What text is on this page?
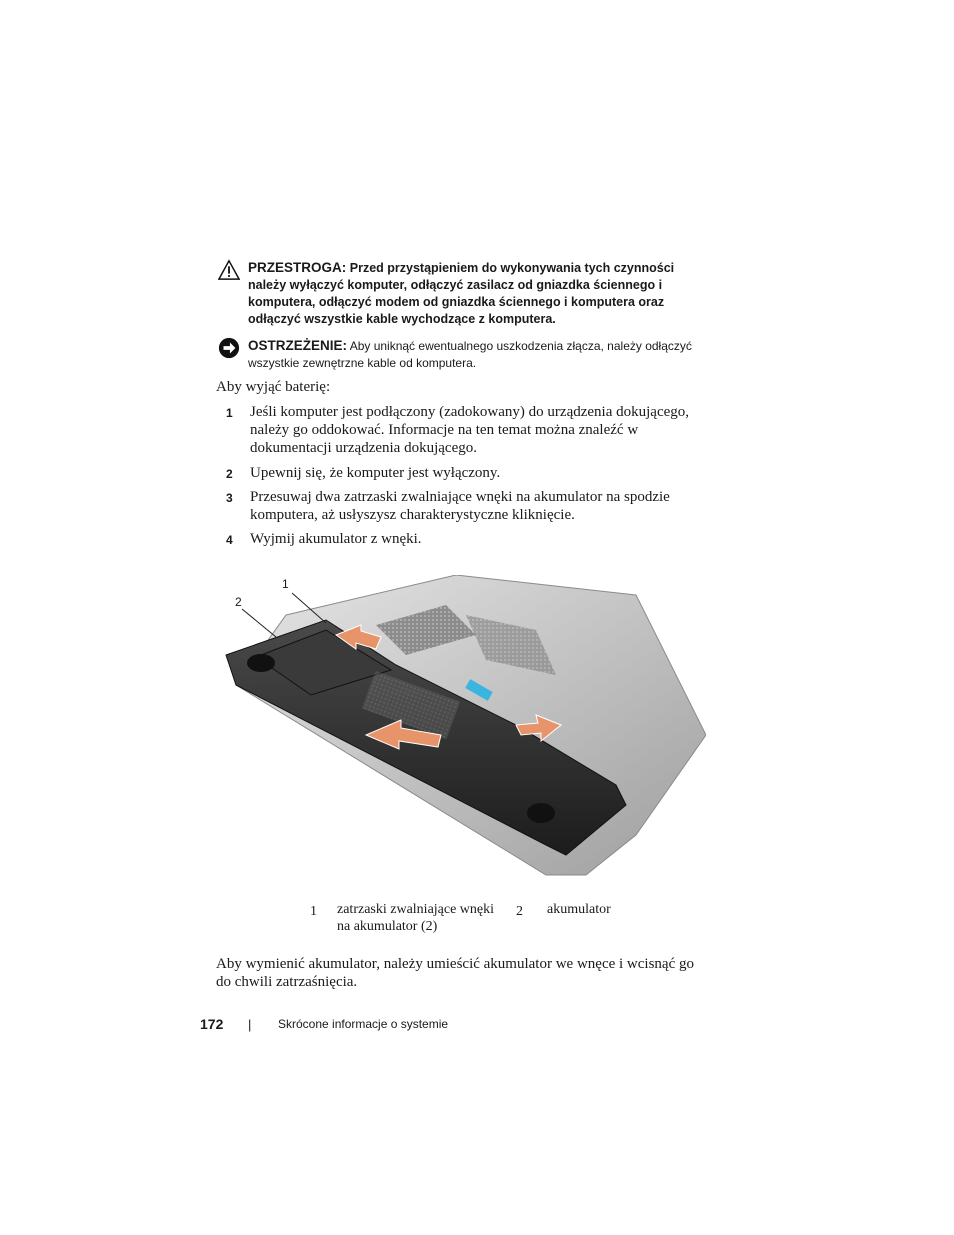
PRZESTROGA: Przed przystąpieniem do wykonywania tych czynności należy wyłączyć komputer, odłączyć zasilacz od gniazdka ściennego i komputera, odłączyć modem od gniazdka ściennego i komputera oraz odłączyć wszystkie kable wychodzące z komputera.
OSTRZEŻENIE: Aby uniknąć ewentualnego uszkodzenia złącza, należy odłączyć wszystkie zewnętrzne kable od komputera.
Aby wyjąć baterię:
1 Jeśli komputer jest podłączony (zadokowany) do urządzenia dokującego, należy go oddokować. Informacje na ten temat można znaleźć w dokumentacji urządzenia dokującego.
2 Upewnij się, że komputer jest wyłączony.
3 Przesuwaj dwa zatrzaski zwalniające wnęki na akumulator na spodzie komputera, aż usłyszysz charakterystyczne kliknięcie.
4 Wyjmij akumulator z wnęki.
1
2
1 zatrzaski zwalniające wnęki na akumulator (2)
2 akumulator
Aby wymienić akumulator, należy umieścić akumulator we wnęce i wcisnąć go do chwili zatrzaśnięcia.
172 | Skrócone informacje o systemie
